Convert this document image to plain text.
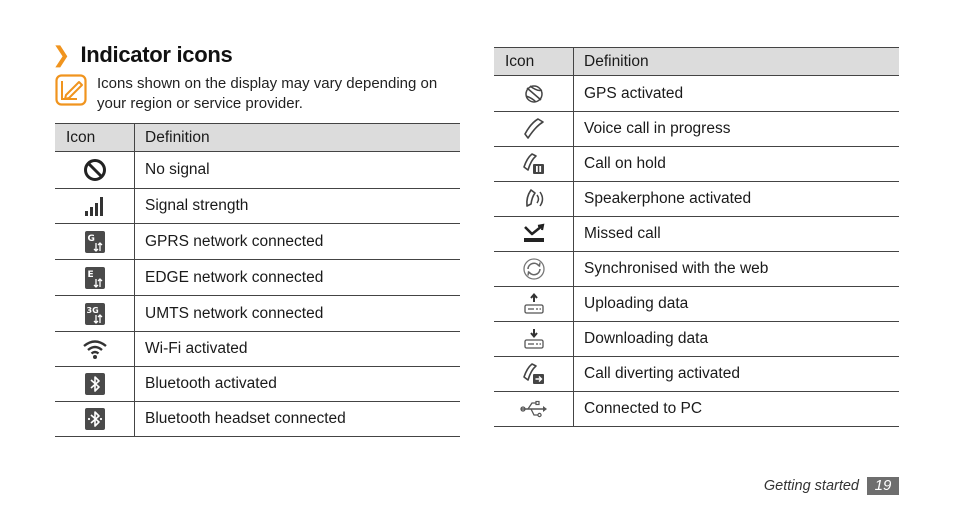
❯ Indicator icons
Icons shown on the display may vary depending on your region or service provider.
Icon	Definition

	No signal

	Signal strength

G	GPRS network connected

E	EDGE network connected

3G	UMTS network connected

	Wi-Fi activated

	Bluetooth activated

	Bluetooth headset connected
Icon	Definition

	GPS activated

	Voice call in progress

	Call on hold

	Speakerphone activated

	Missed call

	Synchronised with the web

	Uploading data

	Downloading data

	Call diverting activated

	Connected to PC
Getting started	19
